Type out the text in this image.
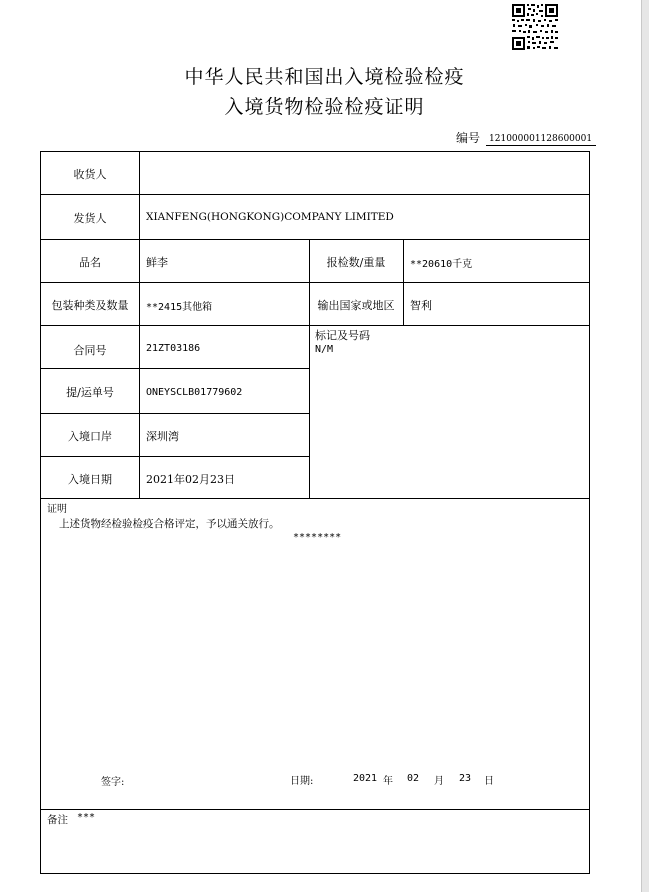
中华人民共和国出入境检验检疫
入境货物检验检疫证明
编号	121000001128600001
收货人
发货人	XIANFENG(HONGKONG)COMPANY LIMITED
品名	鲜李	报检数/重量	**20610千克
包装种类及数量	**2415其他箱	输出国家或地区	智利
合同号	21ZT03186
标记及号码
N/M
提/运单号	ONEYSCLB01779602
入境口岸	深圳湾
入境日期	2021年02月23日
证明
上述货物经检验检疫合格评定，予以通关放行。
********
签字:	日期:	2021 年 02 月 23 日
备注 ***
